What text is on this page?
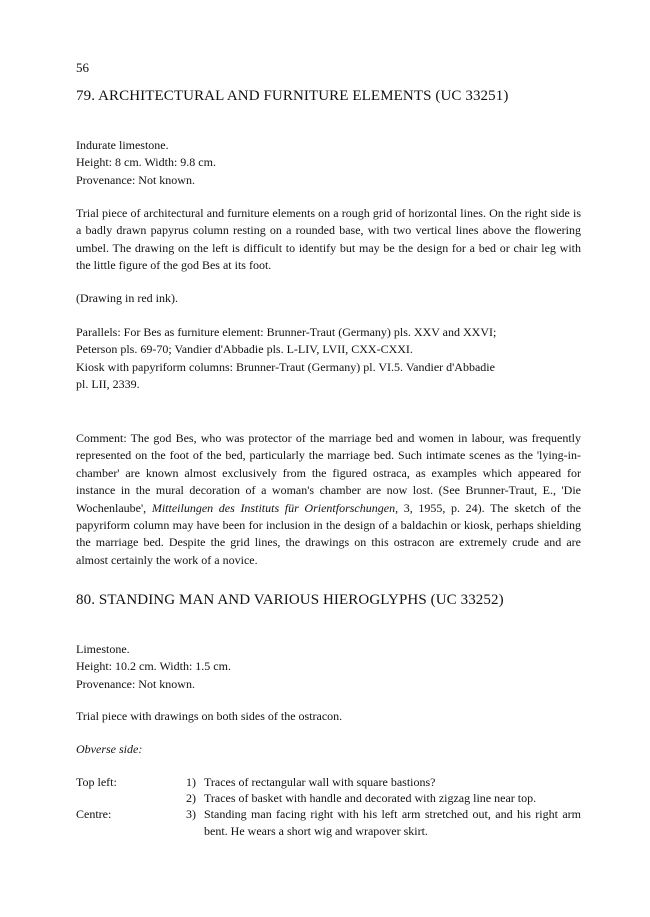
56
79. ARCHITECTURAL AND FURNITURE ELEMENTS (UC 33251)
Indurate limestone.
Height: 8 cm. Width: 9.8 cm.
Provenance: Not known.

Trial piece of architectural and furniture elements on a rough grid of horizontal lines. On the right side is a badly drawn papyrus column resting on a rounded base, with two vertical lines above the flowering umbel. The drawing on the left is difficult to identify but may be the design for a bed or chair leg with the little figure of the god Bes at its foot.

(Drawing in red ink).

Parallels: For Bes as furniture element: Brunner-Traut (Germany) pls. XXV and XXVI;
Peterson pls. 69-70; Vandier d'Abbadie pls. L-LIV, LVII, CXX-CXXI.
Kiosk with papyriform columns: Brunner-Traut (Germany) pl. VI.5. Vandier d'Abbadie
pl. LII, 2339.

Comment: The god Bes, who was protector of the marriage bed and women in labour, was frequently represented on the foot of the bed, particularly the marriage bed. Such intimate scenes as the 'lying-in-chamber' are known almost exclusively from the figured ostraca, as examples which appeared for instance in the mural decoration of a woman's chamber are now lost. (See Brunner-Traut, E., 'Die Wochenlaube', Mitteilungen des Instituts für Orientforschungen, 3, 1955, p. 24). The sketch of the papyriform column may have been for inclusion in the design of a baldachin or kiosk, perhaps shielding the marriage bed. Despite the grid lines, the drawings on this ostracon are extremely crude and are almost certainly the work of a novice.

80. STANDING MAN AND VARIOUS HIEROGLYPHS (UC 33252)
Limestone.
Height: 10.2 cm. Width: 1.5 cm.
Provenance: Not known.

Trial piece with drawings on both sides of the ostracon.

Obverse side:

Top left:	1) Traces of rectangular wall with square bastions?
2) Traces of basket with handle and decorated with zigzag line near top.
Centre:	3) Standing man facing right with his left arm stretched out, and his right arm bent. He wears a short wig and wrapover skirt.
